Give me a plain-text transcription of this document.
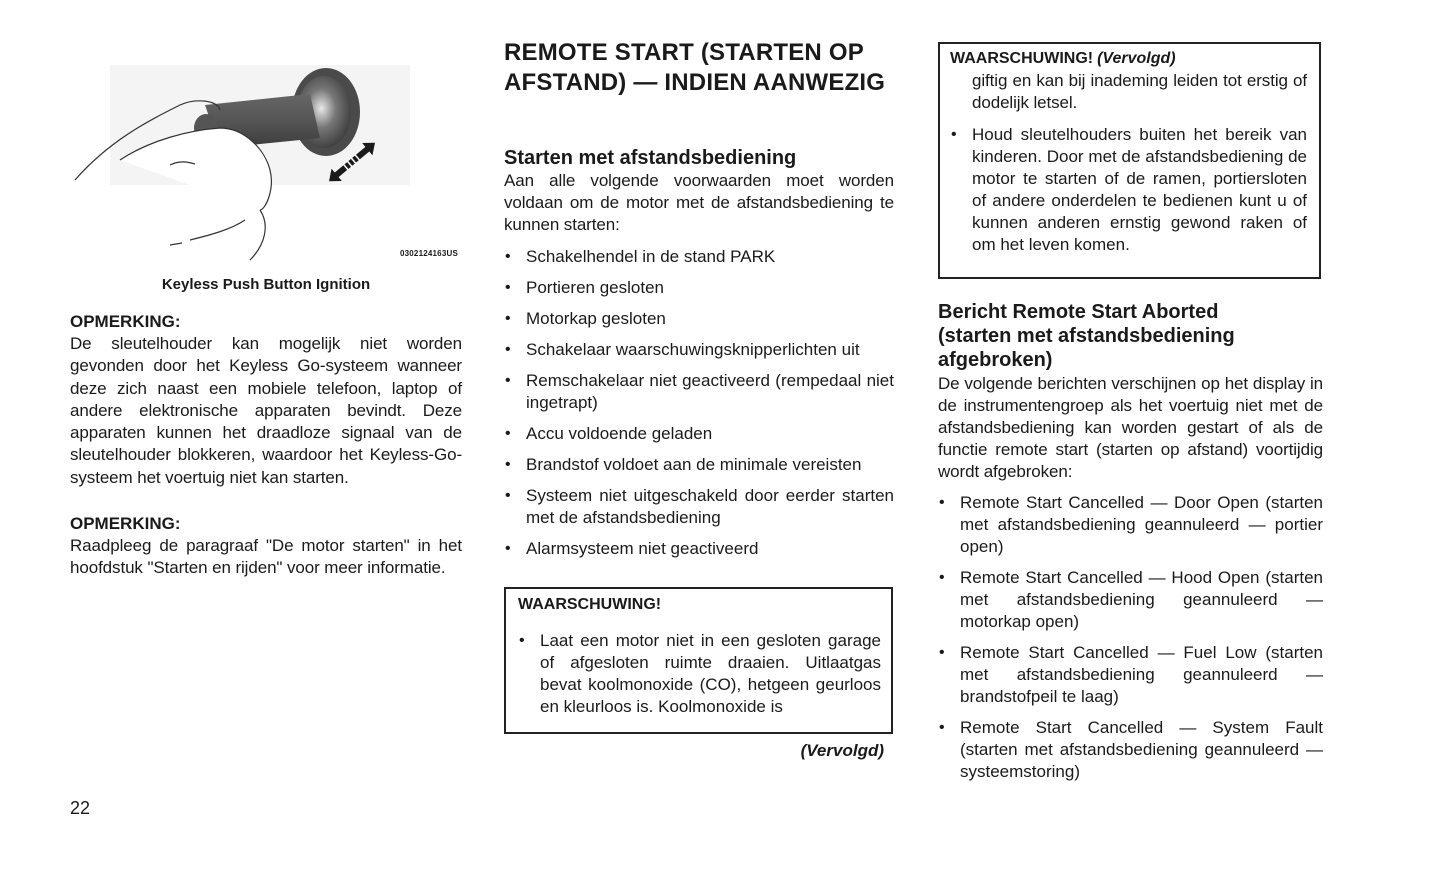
0302124163US
Keyless Push Button Ignition

OPMERKING:

De sleutelhouder kan mogelijk niet worden gevonden door het Keyless Go-systeem wanneer deze zich naast een mobiele telefoon, laptop of andere elektronische apparaten bevindt. Deze apparaten kunnen het draadloze signaal van de sleutelhouder blokkeren, waardoor het Keyless-Go-systeem het voertuig niet kan starten.

OPMERKING:

Raadpleeg de paragraaf "De motor starten" in het hoofdstuk "Starten en rijden" voor meer informatie.

REMOTE START (STARTEN OP AFSTAND) — INDIEN AANWEZIG
Starten met afstandsbediening

Aan alle volgende voorwaarden moet worden voldaan om de motor met de afstandsbediening te kunnen starten:

• Schakelhendel in de stand PARK
• Portieren gesloten
• Motorkap gesloten
• Schakelaar waarschuwingsknipperlichten uit
• Remschakelaar niet geactiveerd (rempedaal niet ingetrapt)
• Accu voldoende geladen
• Brandstof voldoet aan de minimale vereisten
• Systeem niet uitgeschakeld door eerder starten met de afstandsbediening
• Alarmsysteem niet geactiveerd

WAARSCHUWING!

• Laat een motor niet in een gesloten garage of afgesloten ruimte draaien. Uitlaatgas bevat koolmonoxide (CO), hetgeen geurloos en kleurloos is. Koolmonoxide is
(Vervolgd)

WAARSCHUWING! (Vervolgd)

giftig en kan bij inademing leiden tot erstig of dodelijk letsel.

• Houd sleutelhouders buiten het bereik van kinderen. Door met de afstandsbediening de motor te starten of de ramen, portiersloten of andere onderdelen te bedienen kunt u of kunnen anderen ernstig gewond raken of om het leven komen.
Bericht Remote Start Aborted (starten met afstandsbediening afgebroken)

De volgende berichten verschijnen op het display in de instrumentengroep als het voertuig niet met de afstandsbediening kan worden gestart of als de functie remote start (starten op afstand) voortijdig wordt afgebroken:

• Remote Start Cancelled — Door Open (starten met afstandsbediening geannuleerd — portier open)
• Remote Start Cancelled — Hood Open (starten met afstandsbediening geannuleerd — motorkap open)
• Remote Start Cancelled — Fuel Low (starten met afstandsbediening geannuleerd — brandstofpeil te laag)
• Remote Start Cancelled — System Fault (starten met afstandsbediening geannuleerd — systeemstoring)
22
